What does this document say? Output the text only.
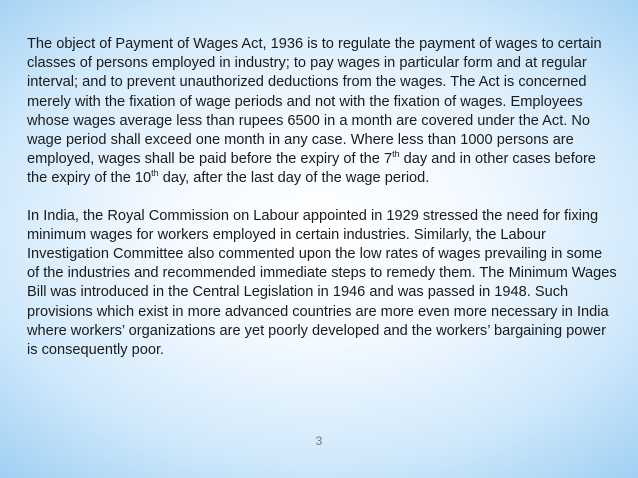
The object of Payment of Wages Act, 1936 is to regulate the payment of wages to certain classes of persons employed in industry; to pay wages in particular form and at regular interval; and to prevent unauthorized deductions from the wages. The Act is concerned merely with the fixation of wage periods and not with the fixation of wages. Employees whose wages average less than rupees 6500 in a month are covered under the Act. No wage period shall exceed one month in any case. Where less than 1000 persons are employed, wages shall be paid before the expiry of the 7th day and in other cases before the expiry of the 10th day, after the last day of the wage period.

In India, the Royal Commission on Labour appointed in 1929 stressed the need for fixing minimum wages for workers employed in certain industries. Similarly, the Labour Investigation Committee also commented upon the low rates of wages prevailing in some of the industries and recommended immediate steps to remedy them. The Minimum Wages Bill was introduced in the Central Legislation in 1946 and was passed in 1948. Such provisions which exist in more advanced countries are more even more necessary in India where workers’ organizations are yet poorly developed and the workers’ bargaining power is consequently poor.

3
